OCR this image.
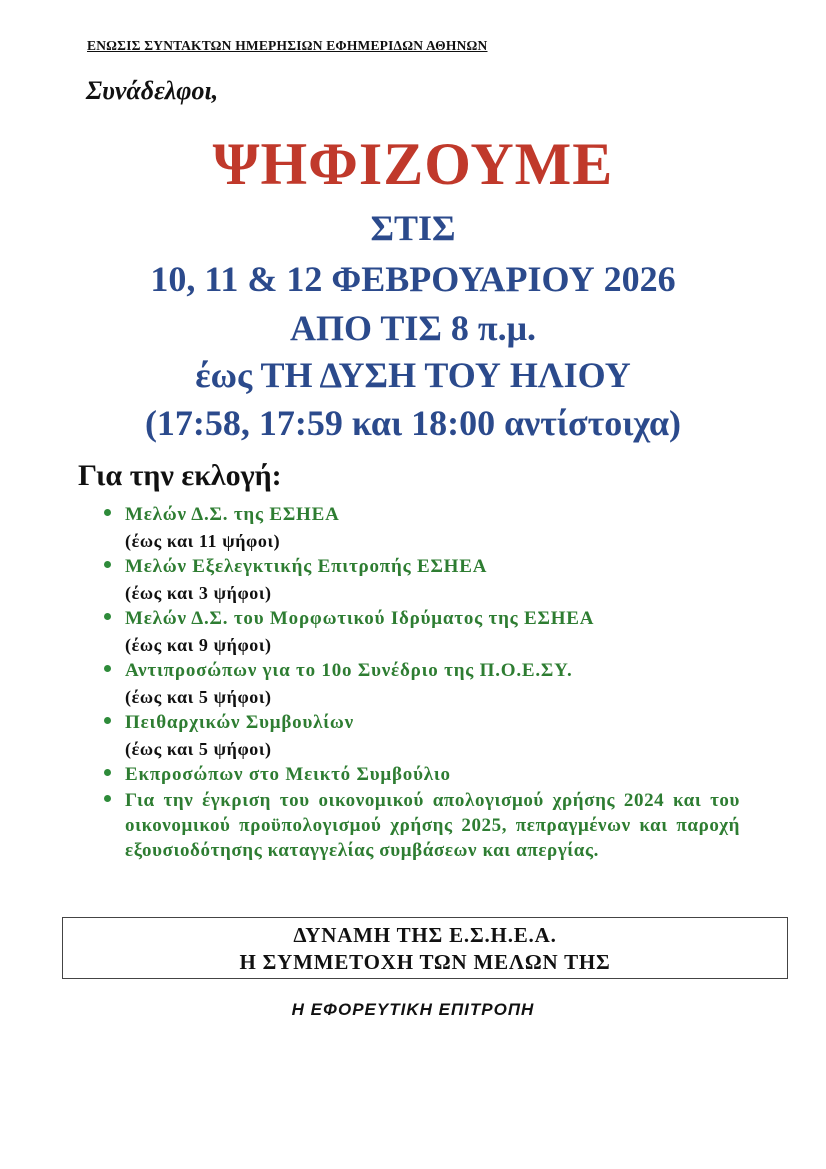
ΕΝΩΣΙΣ ΣΥΝΤΑΚΤΩΝ ΗΜΕΡΗΣΙΩΝ ΕΦΗΜΕΡΙΔΩΝ ΑΘΗΝΩΝ
Συνάδελφοι,
ΨΗΦΙΖΟΥΜΕ
ΣΤΙΣ
10, 11 & 12 ΦΕΒΡΟΥΑΡΙΟΥ 2026
ΑΠΟ ΤΙΣ 8 π.μ.
έως ΤΗ ΔΥΣΗ ΤΟΥ ΗΛΙΟΥ
(17:58, 17:59 και 18:00 αντίστοιχα)
Για την εκλογή:
Μελών Δ.Σ. της ΕΣΗΕΑ
(έως και 11 ψήφοι)
Μελών Εξελεγκτικής Επιτροπής ΕΣΗΕΑ
(έως και 3 ψήφοι)
Μελών Δ.Σ. του Μορφωτικού Ιδρύματος της ΕΣΗΕΑ
(έως και 9 ψήφοι)
Αντιπροσώπων για το 10ο Συνέδριο της Π.Ο.Ε.ΣΥ.
(έως και 5 ψήφοι)
Πειθαρχικών Συμβουλίων
(έως και 5 ψήφοι)
Εκπροσώπων στο Μεικτό Συμβούλιο
Για την έγκριση του οικονομικού απολογισμού χρήσης 2024 και του οικονομικού προϋπολογισμού χρήσης 2025, πεπραγμένων και παροχή εξουσιοδότησης καταγγελίας συμβάσεων και απεργίας.
ΔΥΝΑΜΗ ΤΗΣ Ε.Σ.Η.Ε.Α.
Η ΣΥΜΜΕΤΟΧΗ ΤΩΝ ΜΕΛΩΝ ΤΗΣ
Η ΕΦΟΡΕΥΤΙΚΗ ΕΠΙΤΡΟΠΗ
